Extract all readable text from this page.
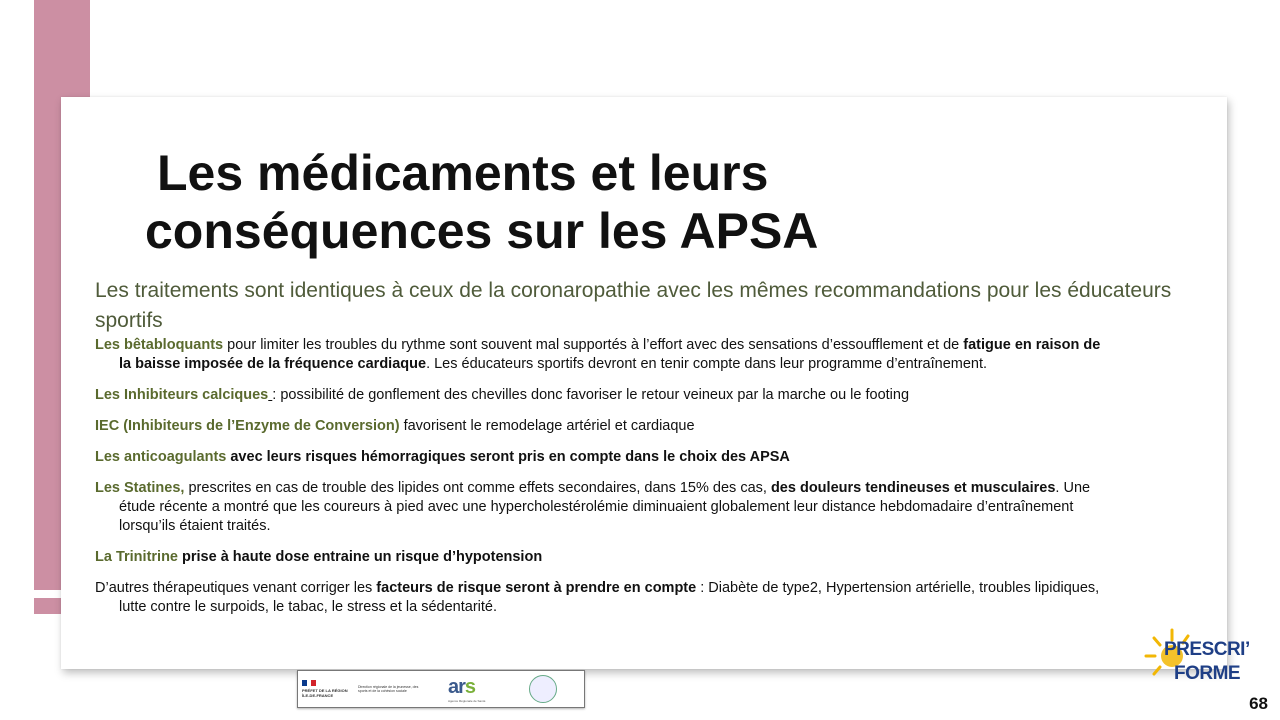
Les médicaments et leurs
conséquences sur les APSA
Les traitements sont identiques à ceux de la coronaropathie avec les mêmes recommandations pour les éducateurs sportifs
Les bêtabloquants pour limiter les troubles du rythme sont souvent mal supportés à l’effort avec des sensations d’essoufflement et de fatigue en raison de la baisse imposée de la fréquence cardiaque. Les éducateurs sportifs devront en tenir compte dans leur programme d’entraînement.
Les Inhibiteurs calciques : possibilité de gonflement des chevilles donc favoriser le retour veineux par la marche ou le footing
IEC (Inhibiteurs de l’Enzyme de Conversion) favorisent le remodelage artériel et cardiaque
Les anticoagulants avec leurs risques hémorragiques seront pris en compte dans le choix des APSA
Les Statines, prescrites en cas de trouble des lipides ont comme effets secondaires, dans 15% des cas, des douleurs tendineuses et musculaires. Une étude récente a montré que les coureurs à pied avec une hypercholestérolémie diminuaient globalement leur distance hebdomadaire d’entraînement lorsqu’ils étaient traités.
La Trinitrine prise à haute dose entraine un risque d’hypotension
D’autres thérapeutiques venant corriger les facteurs de risque seront à prendre en compte : Diabète de type2, Hypertension artérielle, troubles lipidiques, lutte contre le surpoids, le tabac, le stress et la sédentarité.
PRÉFET DE LA RÉGION ÎLE-DE-FRANCE
Direction régionale de la jeunesse, des sports et de la cohésion sociale	ars
Agence Régionale de Santé
PRESCRI’
FORME
68
